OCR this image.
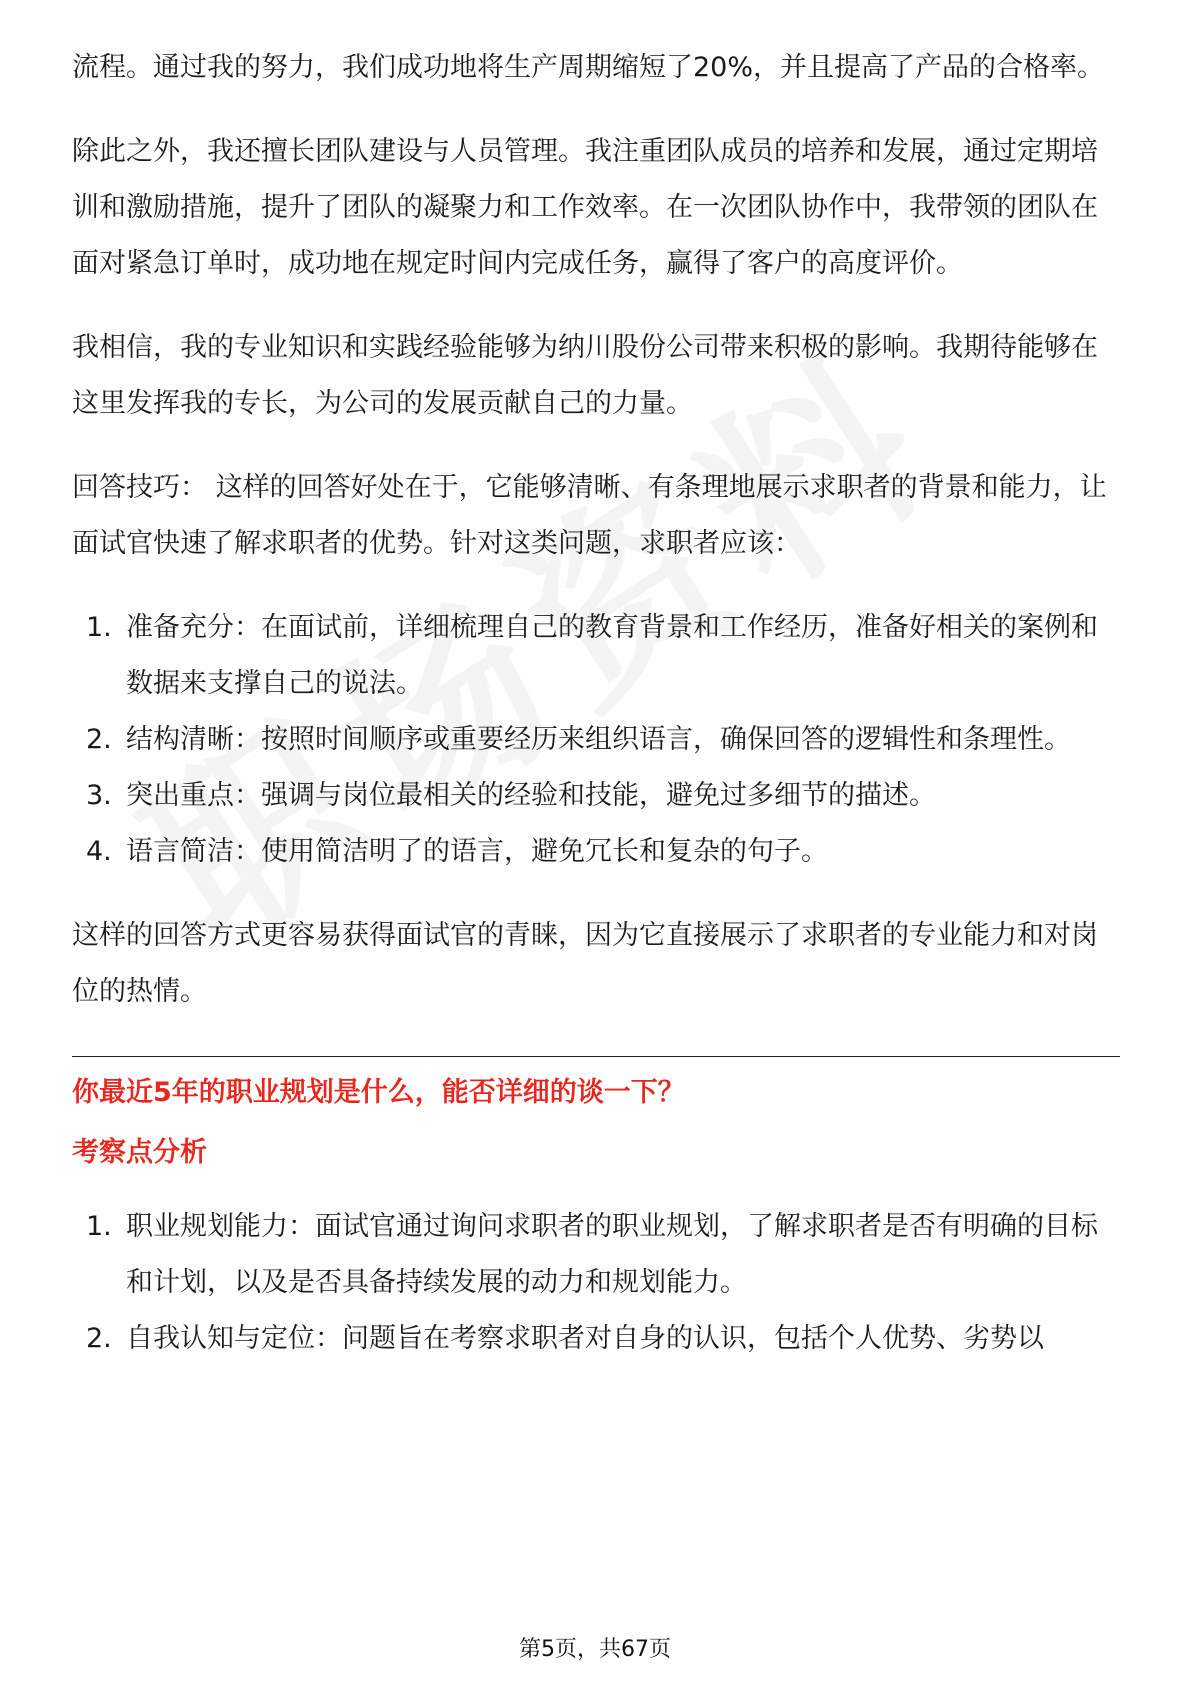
流程。通过我的努力，我们成功地将生产周期缩短了20%，并且提高了产品的合格率。

除此之外，我还擅长团队建设与人员管理。我注重团队成员的培养和发展，通过定期培训和激励措施，提升了团队的凝聚力和工作效率。在一次团队协作中，我带领的团队在面对紧急订单时，成功地在规定时间内完成任务，赢得了客户的高度评价。

我相信，我的专业知识和实践经验能够为纳川股份公司带来积极的影响。我期待能够在这里发挥我的专长，为公司的发展贡献自己的力量。

回答技巧： 这样的回答好处在于，它能够清晰、有条理地展示求职者的背景和能力，让面试官快速了解求职者的优势。针对这类问题，求职者应该：

1. 准备充分：在面试前，详细梳理自己的教育背景和工作经历，准备好相关的案例和数据来支撑自己的说法。
2. 结构清晰：按照时间顺序或重要经历来组织语言，确保回答的逻辑性和条理性。
3. 突出重点：强调与岗位最相关的经验和技能，避免过多细节的描述。
4. 语言简洁：使用简洁明了的语言，避免冗长和复杂的句子。

这样的回答方式更容易获得面试官的青睐，因为它直接展示了求职者的专业能力和对岗位的热情。

你最近5年的职业规划是什么，能否详细的谈一下？

考察点分析

1. 职业规划能力：面试官通过询问求职者的职业规划，了解求职者是否有明确的目标和计划，以及是否具备持续发展的动力和规划能力。
2. 自我认知与定位：问题旨在考察求职者对自身的认识，包括个人优势、劣势以
第5页，共67页
